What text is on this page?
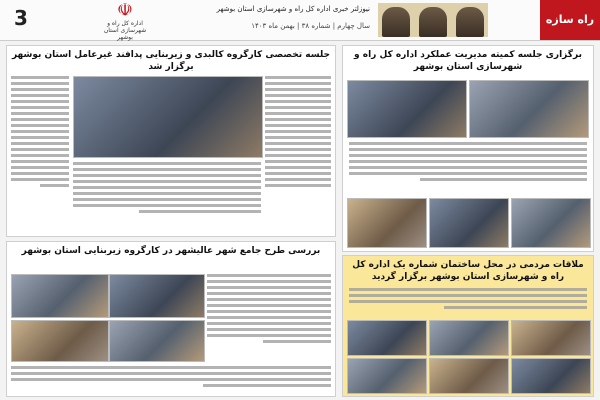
3	☫
اداره کل راه و شهرسازی استان بوشهر
نیوزلتر خبری اداره کل راه و شهرسازی استان بوشهر
سال چهارم | شماره ۳۸ | بهمن ماه ۱۴۰۳	راه سازه
برگزاری جلسه کمیته مدیریت عملکرد اداره کل راه و شهرسازی استان بوشهر
ملاقات مردمی در محل ساختمان شماره یک اداره کل راه و شهرسازی استان بوشهر برگزار گردید
جلسه تخصصی کارگروه کالبدی و زیربنایی پدافند غیرعامل استان بوشهر برگزار شد
بررسی طرح جامع شهر عالیشهر در کارگروه زیربنایی استان بوشهر
